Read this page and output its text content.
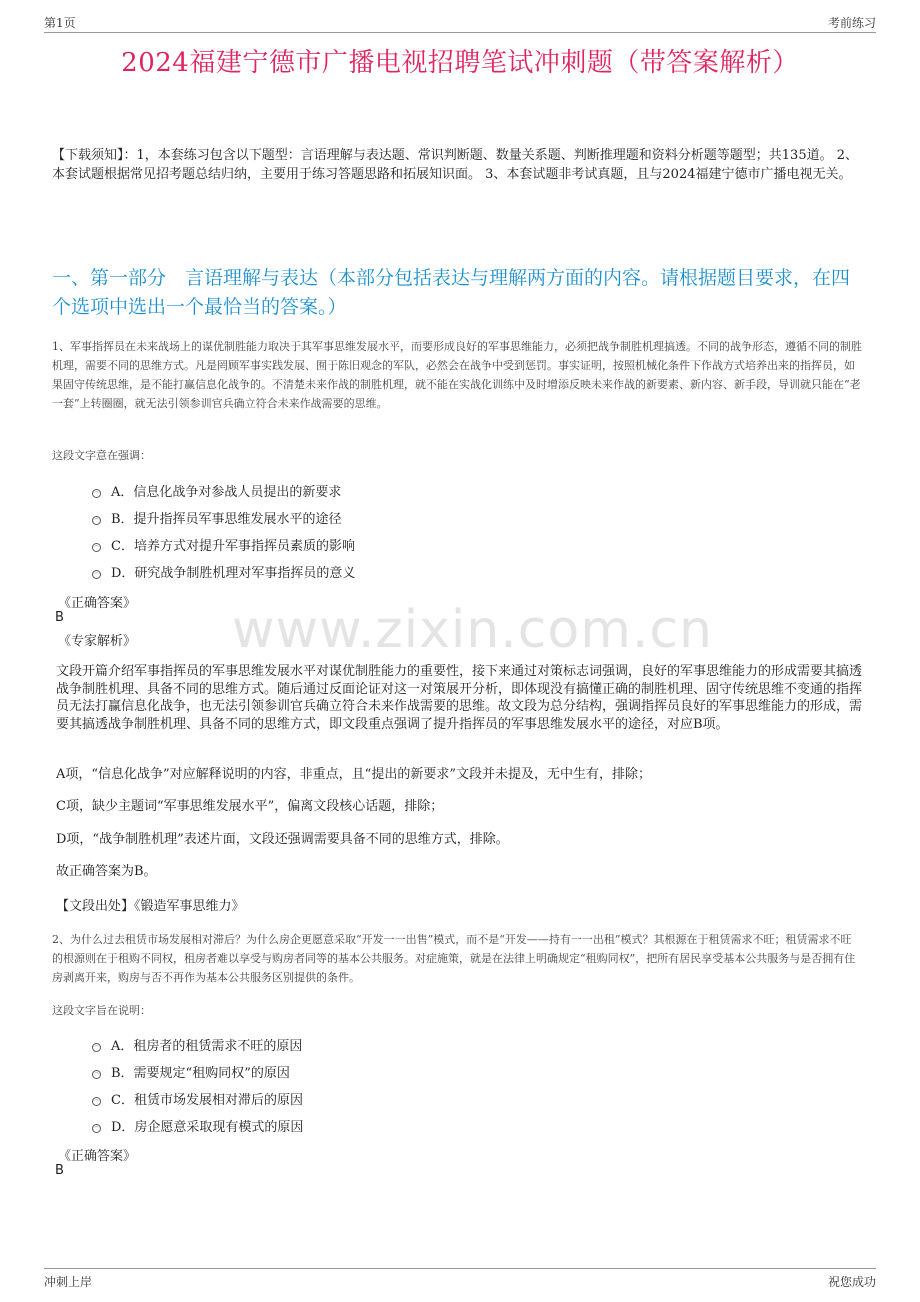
第1页	考前练习
2024福建宁德市广播电视招聘笔试冲刺题（带答案解析）
【下载须知】：1，本套练习包含以下题型：言语理解与表达题、常识判断题、数量关系题、判断推理题和资料分析题等题型；共135道。 2、本套试题根据常见招考题总结归纳，主要用于练习答题思路和拓展知识面。 3、本套试题非考试真题，且与2024福建宁德市广播电视无关。
一、第一部分　言语理解与表达（本部分包括表达与理解两方面的内容。请根据题目要求，在四个选项中选出一个最恰当的答案。）
1、军事指挥员在未来战场上的谋优制胜能力取决于其军事思维发展水平，而要形成良好的军事思维能力，必须把战争制胜机理搞透。不同的战争形态，遵循不同的制胜机理，需要不同的思维方式。凡是罔顾军事实践发展、囿于陈旧观念的军队，必然会在战争中受到惩罚。事实证明，按照机械化条件下作战方式培养出来的指挥员，如果固守传统思维，是不能打赢信息化战争的。不清楚未来作战的制胜机理，就不能在实战化训练中及时增添反映未来作战的新要素、新内容、新手段，导训就只能在“老一套”上转圈圈，就无法引领参训官兵确立符合未来作战需要的思维。
这段文字意在强调：
A．信息化战争对参战人员提出的新要求
B．提升指挥员军事思维发展水平的途径
C．培养方式对提升军事指挥员素质的影响
D．研究战争制胜机理对军事指挥员的意义
《正确答案》
B
《专家解析》
文段开篇介绍军事指挥员的军事思维发展水平对谋优制胜能力的重要性，接下来通过对策标志词强调，良好的军事思维能力的形成需要其搞透战争制胜机理、具备不同的思维方式。随后通过反面论证对这一对策展开分析，即体现没有搞懂正确的制胜机理、固守传统思维不变通的指挥员无法打赢信息化战争，也无法引领参训官兵确立符合未来作战需要的思维。故文段为总分结构，强调指挥员良好的军事思维能力的形成，需要其搞透战争制胜机理、具备不同的思维方式，即文段重点强调了提升指挥员的军事思维发展水平的途径，对应B项。
A项，“信息化战争”对应解释说明的内容，非重点，且“提出的新要求”文段并未提及，无中生有，排除；
C项，缺少主题词“军事思维发展水平”，偏离文段核心话题，排除；
D项，“战争制胜机理”表述片面，文段还强调需要具备不同的思维方式，排除。
故正确答案为B。
【文段出处】《锻造军事思维力》
2、为什么过去租赁市场发展相对滞后？为什么房企更愿意采取“开发一一出售”模式，而不是“开发——持有一一出租”模式？其根源在于租赁需求不旺；租赁需求不旺的根源则在于租购不同权，租房者难以享受与购房者同等的基本公共服务。对症施策，就是在法律上明确规定“租购同权”，把所有居民享受基本公共服务与是否拥有住房剥离开来，购房与否不再作为基本公共服务区别提供的条件。
这段文字旨在说明：
A．租房者的租赁需求不旺的原因
B．需要规定“租购同权”的原因
C．租赁市场发展相对滞后的原因
D．房企愿意采取现有模式的原因
《正确答案》
B
www.zixin.com.cn
冲刺上岸	祝您成功
